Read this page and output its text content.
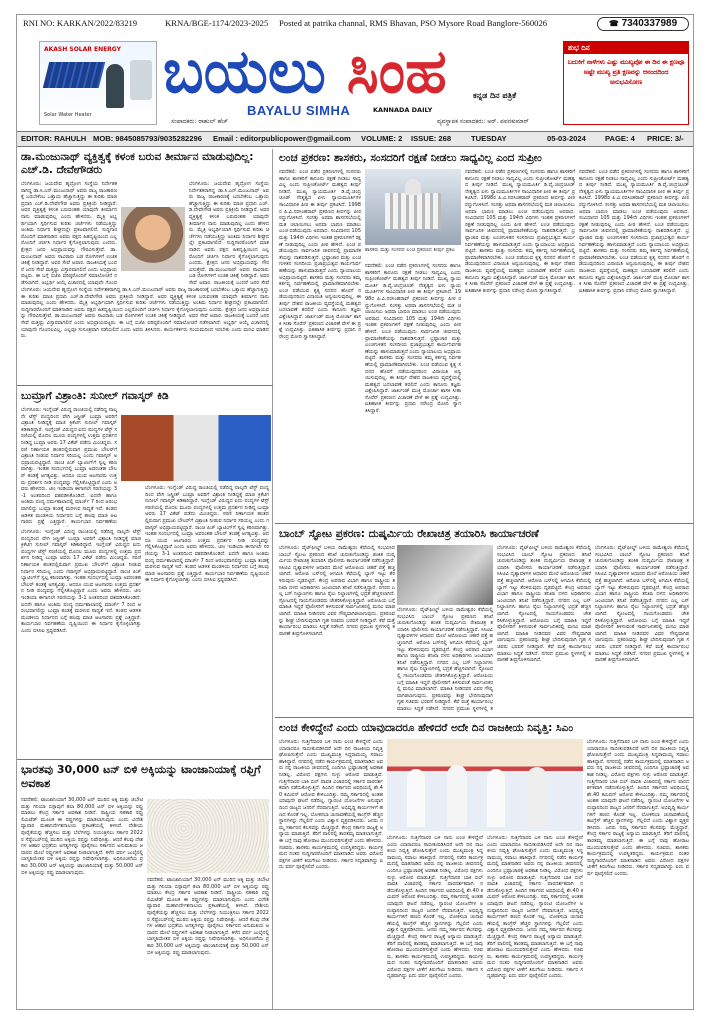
RNI NO: KARKAN/2022/83219	KRNA/BGE-1174/2023-2025 Posted at patrika channal, RMS Bhavan, PSO Mysore Road Banglore-560026	☎ 7340337989
AKASH SOLAR ENERGY
Solar Water Heater
ಬಯಲು ಸಿಂಹ	ಕನ್ನಡ ದಿನ ಪತ್ರಿಕೆ
BAYALU SIMHA	KANNADA DAILY
ಸಂಪಾದಕರು: ರಾಹುಲ್ ಹೆಚ್	ವ್ಯವಸ್ಥಾಪಕ ಸಂಪಾದಕರು: ಅರ್. ಪವನಕುಮಾರ್
ಶುಭ ದಿನ
ಬದುಕಿಗೆ ನಾಳೆಗಳು ಎಷ್ಟು ಮುಖ್ಯವೋ ಈ ದಿನ ಈ ಕ್ಷಣವೂ ಅಷ್ಟೇ ಮುಖ್ಯ ಪ್ರತಿ ಕ್ಷಣವನ್ನು ಆನಂದದಿಂದ ಅನುಭವಿಸೋಣ
EDITOR: RAHULH MOB: 9845085793/9035282296 Email : editorpublicpower@gmail.com VOLUME: 2 ISSUE: 268	TUESDAY	05-03-2024	PAGE: 4 PRICE: 3/-
ಡಾ.ಮಂಜುನಾಥ್ ವ್ಯಕ್ತಿತ್ವಕ್ಕೆ ಕಳಂಕ ಬರುವ ತೀರ್ಮಾನ ಮಾಡುವುದಿಲ್ಲ: ಎಚ್.ಡಿ. ದೇವೇಗೌಡರು
ಬೆಂಗಳೂರು: ಜಯದೇವ ಹೃದ್ರೋಗ ಸಂಸ್ಥೆಯ ನಿರ್ದೇಶಕರಾಗಿದ್ದ ಡಾ.ಸಿ.ಎನ್.ಮಂಜುನಾಥ್ ಅವರು ರಾಜ್ಯ ರಾಜಕಾರಣಕ್ಕೆ ಬರಬೇಕೆಂಬ ಒತ್ತಾಯ ಹೆಚ್ಚಾಗುತ್ತಿದ್ದು ಈ ಕುರಿತು ಮಾಜಿ ಪ್ರಧಾನಿ ಎಚ್.ಡಿ.ದೇವೇಗೌಡ ಅವರು ಪ್ರತಿಕ್ರಿಯೆ ನೀಡಿದ್ದಾರೆ. ಅವರ ವ್ಯಕ್ತಿತ್ವಕ್ಕೆ ಕಳಂಕ ಬರುವಂತಹ ಯಾವುದೇ ತೀರ್ಮಾನ ನಾನು ಮಾಡುವುದಿಲ್ಲ ಎಂದು ಹೇಳಿದರು. ಮೈತ್ರಿ ಅಭ್ಯರ್ಥಿಯಾಗಿ ಸ್ಪರ್ಧಿಸುವ ಕುರಿತು ಚರ್ಚೆಗಳು ನಡೆಯುತ್ತಿದ್ದು ಅಂತಿಮ ನಿರ್ಧಾರ ಶೀಘ್ರದಲ್ಲೇ ಪ್ರಕಟವಾಗಲಿದೆ. ಸುದ್ದಿಗಾರರೊಂದಿಗೆ ಮಾತನಾಡಿದ ಅವರು ಪಕ್ಷದ ಹಿತದೃಷ್ಟಿಯಿಂದ ಎಲ್ಲರೊಂದಿಗೆ ಚರ್ಚಿಸಿ ನಿರ್ಧಾರ ಕೈಗೊಳ್ಳಲಾಗುವುದು ಎಂದರು. ಕ್ಷೇತ್ರದ ಜನರ ಅಭಿಪ್ರಾಯವನ್ನು ಗೌರವಿಸುತ್ತೇವೆ. ಡಾ.ಮಂಜುನಾಥ್ ಅವರು ಸಾವಿರಾರು ಬಡ ರೋಗಿಗಳಿಗೆ ಉಚಿತ ಚಿಕಿತ್ಸೆ ನೀಡಿದ್ದಾರೆ. ಅವರ ಸೇವೆ ಅಪಾರ. ರಾಜಕೀಯಕ್ಕೆ ಬಂದರೆ ಜನರ ಸೇವೆ ಮತ್ತಷ್ಟು ವಿಸ್ತಾರವಾಗಲಿದೆ ಎಂದು ಅಭಿಪ್ರಾಯಪಟ್ಟರು. ಈ ಬಗ್ಗೆ ಬಿಜೆಪಿ ವರಿಷ್ಠರೊಂದಿಗೆ ಸಮಾಲೋಚನೆ ನಡೆಸಲಾಗಿದೆ. ಅಭ್ಯರ್ಥಿ ಆಯ್ಕೆ ವಿಚಾರದಲ್ಲಿ ಯಾವುದೇ ಗೊಂದ
ಬೆಂಗಳೂರು: ಜಯದೇವ ಹೃದ್ರೋಗ ಸಂಸ್ಥೆಯ ನಿರ್ದೇಶಕರಾಗಿದ್ದ ಡಾ.ಸಿ.ಎನ್.ಮಂಜುನಾಥ್ ಅವರು ರಾಜ್ಯ ರಾಜಕಾರಣಕ್ಕೆ ಬರಬೇಕೆಂಬ ಒತ್ತಾಯ ಹೆಚ್ಚಾಗುತ್ತಿದ್ದು ಈ ಕುರಿತು ಮಾಜಿ ಪ್ರಧಾನಿ ಎಚ್.ಡಿ.ದೇವೇಗೌಡ ಅವರು ಪ್ರತಿಕ್ರಿಯೆ ನೀಡಿದ್ದಾರೆ. ಅವರ ವ್ಯಕ್ತಿತ್ವಕ್ಕೆ ಕಳಂಕ ಬರುವಂತಹ ಯಾವುದೇ ತೀರ್ಮಾನ ನಾನು ಮಾಡುವುದಿಲ್ಲ ಎಂದು ಹೇಳಿದರು. ಮೈತ್ರಿ ಅಭ್ಯರ್ಥಿಯಾಗಿ ಸ್ಪರ್ಧಿಸುವ ಕುರಿತು ಚರ್ಚೆಗಳು ನಡೆಯುತ್ತಿದ್ದು ಅಂತಿಮ ನಿರ್ಧಾರ ಶೀಘ್ರದಲ್ಲೇ ಪ್ರಕಟವಾಗಲಿದೆ. ಸುದ್ದಿಗಾರರೊಂದಿಗೆ ಮಾತನಾಡಿದ ಅವರು ಪಕ್ಷದ ಹಿತದೃಷ್ಟಿಯಿಂದ ಎಲ್ಲರೊಂದಿಗೆ ಚರ್ಚಿಸಿ ನಿರ್ಧಾರ ಕೈಗೊಳ್ಳಲಾಗುವುದು ಎಂದರು. ಕ್ಷೇತ್ರದ ಜನರ ಅಭಿಪ್ರಾಯವನ್ನು ಗೌರವಿಸುತ್ತೇವೆ. ಡಾ.ಮಂಜುನಾಥ್ ಅವರು ಸಾವಿರಾರು ಬಡ ರೋಗಿಗಳಿಗೆ ಉಚಿತ ಚಿಕಿತ್ಸೆ ನೀಡಿದ್ದಾರೆ. ಅವರ ಸೇವೆ ಅಪಾರ. ರಾಜಕೀಯಕ್ಕೆ ಬಂದರೆ ಜನರ ಸೇವೆ
ಬೆಂಗಳೂರು: ಜಯದೇವ ಹೃದ್ರೋಗ ಸಂಸ್ಥೆಯ ನಿರ್ದೇಶಕರಾಗಿದ್ದ ಡಾ.ಸಿ.ಎನ್.ಮಂಜುನಾಥ್ ಅವರು ರಾಜ್ಯ ರಾಜಕಾರಣಕ್ಕೆ ಬರಬೇಕೆಂಬ ಒತ್ತಾಯ ಹೆಚ್ಚಾಗುತ್ತಿದ್ದು ಈ ಕುರಿತು ಮಾಜಿ ಪ್ರಧಾನಿ ಎಚ್.ಡಿ.ದೇವೇಗೌಡ ಅವರು ಪ್ರತಿಕ್ರಿಯೆ ನೀಡಿದ್ದಾರೆ. ಅವರ ವ್ಯಕ್ತಿತ್ವಕ್ಕೆ ಕಳಂಕ ಬರುವಂತಹ ಯಾವುದೇ ತೀರ್ಮಾನ ನಾನು ಮಾಡುವುದಿಲ್ಲ ಎಂದು ಹೇಳಿದರು. ಮೈತ್ರಿ ಅಭ್ಯರ್ಥಿಯಾಗಿ ಸ್ಪರ್ಧಿಸುವ ಕುರಿತು ಚರ್ಚೆಗಳು ನಡೆಯುತ್ತಿದ್ದು ಅಂತಿಮ ನಿರ್ಧಾರ ಶೀಘ್ರದಲ್ಲೇ ಪ್ರಕಟವಾಗಲಿದೆ. ಸುದ್ದಿಗಾರರೊಂದಿಗೆ ಮಾತನಾಡಿದ ಅವರು ಪಕ್ಷದ ಹಿತದೃಷ್ಟಿಯಿಂದ ಎಲ್ಲರೊಂದಿಗೆ ಚರ್ಚಿಸಿ ನಿರ್ಧಾರ ಕೈಗೊಳ್ಳಲಾಗುವುದು ಎಂದರು. ಕ್ಷೇತ್ರದ ಜನರ ಅಭಿಪ್ರಾಯವನ್ನು ಗೌರವಿಸುತ್ತೇವೆ. ಡಾ.ಮಂಜುನಾಥ್ ಅವರು ಸಾವಿರಾರು ಬಡ ರೋಗಿಗಳಿಗೆ ಉಚಿತ ಚಿಕಿತ್ಸೆ ನೀಡಿದ್ದಾರೆ. ಅವರ ಸೇವೆ ಅಪಾರ. ರಾಜಕೀಯಕ್ಕೆ ಬಂದರೆ ಜನರ ಸೇವೆ ಮತ್ತಷ್ಟು ವಿಸ್ತಾರವಾಗಲಿದೆ ಎಂದು ಅಭಿಪ್ರಾಯಪಟ್ಟರು. ಈ ಬಗ್ಗೆ ಬಿಜೆಪಿ ವರಿಷ್ಠರೊಂದಿಗೆ ಸಮಾಲೋಚನೆ ನಡೆಸಲಾಗಿದೆ. ಅಭ್ಯರ್ಥಿ ಆಯ್ಕೆ ವಿಚಾರದಲ್ಲಿ ಯಾವುದೇ ಗೊಂದಲವಿಲ್ಲ. ಎಲ್ಲವೂ ಸುಸೂತ್ರವಾಗಿ ನಡೆಯಲಿದೆ ಎಂದು ಅವರು ತಿಳಿಸಿದರು. ಕಾರ್ಯಕರ್ತರು ಸಂಯಮದಿಂದ ಇರಬೇಕು ಎಂದು ಮನವಿ ಮಾಡಿದರು.
ಬುಮ್ರಾಗೆ ವಿಶ್ರಾಂತಿ: ಸುನೀಲ್ ಗವಾಸ್ಕರ್ ಕಿಡಿ
ಬೆಂಗಳೂರು: ಇಂಗ್ಲೆಂಡ್ ವಿರುದ್ಧ ರಾಂಚಿಯಲ್ಲಿ ನಡೆದಿದ್ದ ನಾಲ್ಕನೇ ಟೆಸ್ಟ್ ಪಂದ್ಯದಿಂದ ವೇಗಿ ಜಸ್ಪ್ರೀತ್ ಬುಮ್ರಾ ಅವರಿಗೆ ವಿಶ್ರಾಂತಿ ನೀಡಿದ್ದಕ್ಕೆ ಮಾಜಿ ಕ್ರಿಕೆಟಿಗ ಸುನೀಲ್ ಗವಾಸ್ಕರ್ ಕಿಡಿಕಾರಿದ್ದಾರೆ. ಇಂಗ್ಲೆಂಡ್ ವಿರುದ್ಧದ ಐದು ಪಂದ್ಯಗಳ ಟೆಸ್ಟ್ ಸರಣಿಯಲ್ಲಿ ಮೊದಲ ಮೂರು ಪಂದ್ಯಗಳಲ್ಲಿ ಉತ್ತಮ ಪ್ರದರ್ಶನ ನೀಡಿದ್ದ ಬುಮ್ರಾ ಅವರು 17 ವಿಕೆಟ್ ಪಡೆದು ಮಿಂಚಿದ್ದರು. ಸರಣಿ ನಿರ್ಣಾಯಕ ಹಂತದಲ್ಲಿರುವಾಗ ಪ್ರಮುಖ ಬೌಲರ್‌ಗೆ ವಿಶ್ರಾಂತಿ ನೀಡುವ ನಿರ್ಧಾರ ಸರಿಯಲ್ಲ ಎಂದು ಗವಾಸ್ಕರ್ ಅಭಿಪ್ರಾಯಪಟ್ಟಿದ್ದಾರೆ. ರಾಂಚಿ ಪಿಚ್ ಬ್ಯಾಟಿಂಗ್‌ಗೆ ಸ್ವಲ್ಪ ಕಠಿಣವಾಗಿತ್ತು. ಇಂತಹ ಸಂದರ್ಭದಲ್ಲಿ ಬುಮ್ರಾ ಅವರಂತಹ ಬೌಲರ್ ತಂಡಕ್ಕೆ ಅಗತ್ಯವಿತ್ತು. ಆದರೂ ಯುವ ಆಟಗಾರರು ಉತ್ತಮ ಪ್ರದರ್ಶನ ನೀಡಿ ಪಂದ್ಯವನ್ನು ಗೆಲ್ಲಿಸಿಕೊಟ್ಟಿದ್ದಾರೆ ಎಂದು ಅವರು ಹೇಳಿದರು. ಟೀಂ ಇಂಡಿಯಾ ಈಗಾಗಲೇ ಸರಣಿಯನ್ನು 3-1 ಅಂತರದಿಂದ ವಶಪಡಿಸಿಕೊಂಡಿದೆ. ಐದನೇ ಹಾಗೂ ಅಂತಿಮ ಪಂದ್ಯ ಧರ್ಮಶಾಲಾದಲ್ಲಿ ಮಾರ್ಚ್ 7 ರಿಂದ ಆರಂಭವಾಗಲಿದ್ದು ಬುಮ್ರಾ ತಂಡಕ್ಕೆ ಮರಳುವ ಸಾಧ್ಯತೆ ಇದೆ. ತಂಡದ ಆಡಳಿತ ಮಂಡಳಿಯ ನಿರ್ಧಾರದ ಬಗ್ಗೆ ಹಲವು ಮಾಜಿ ಆಟಗಾರರು ಪ್ರಶ್ನೆ ಎತ್ತಿದ್ದಾರೆ. ಕಾರ್ಯಭಾರ ನಿರ್ವಹಣೆಯ
ಬೆಂಗಳೂರು: ಇಂಗ್ಲೆಂಡ್ ವಿರುದ್ಧ ರಾಂಚಿಯಲ್ಲಿ ನಡೆದಿದ್ದ ನಾಲ್ಕನೇ ಟೆಸ್ಟ್ ಪಂದ್ಯದಿಂದ ವೇಗಿ ಜಸ್ಪ್ರೀತ್ ಬುಮ್ರಾ ಅವರಿಗೆ ವಿಶ್ರಾಂತಿ ನೀಡಿದ್ದಕ್ಕೆ ಮಾಜಿ ಕ್ರಿಕೆಟಿಗ ಸುನೀಲ್ ಗವಾಸ್ಕರ್ ಕಿಡಿಕಾರಿದ್ದಾರೆ. ಇಂಗ್ಲೆಂಡ್ ವಿರುದ್ಧದ ಐದು ಪಂದ್ಯಗಳ ಟೆಸ್ಟ್ ಸರಣಿಯಲ್ಲಿ ಮೊದಲ ಮೂರು ಪಂದ್ಯಗಳಲ್ಲಿ ಉತ್ತಮ ಪ್ರದರ್ಶನ ನೀಡಿದ್ದ ಬುಮ್ರಾ ಅವರು 17 ವಿಕೆಟ್ ಪಡೆದು ಮಿಂಚಿದ್ದರು. ಸರಣಿ ನಿರ್ಣಾಯಕ ಹಂತದಲ್ಲಿರುವಾಗ ಪ್ರಮುಖ ಬೌಲರ್‌ಗೆ ವಿಶ್ರಾಂತಿ ನೀಡುವ ನಿರ್ಧಾರ ಸರಿಯಲ್ಲ ಎಂದು ಗವಾಸ್ಕರ್ ಅಭಿಪ್ರಾಯಪಟ್ಟಿದ್ದಾರೆ. ರಾಂಚಿ ಪಿಚ್ ಬ್ಯಾಟಿಂಗ್‌ಗೆ ಸ್ವಲ್ಪ ಕಠಿಣವಾಗಿತ್ತು. ಇಂತಹ ಸಂದರ್ಭದಲ್ಲಿ ಬುಮ್ರಾ ಅವರಂತಹ ಬೌಲರ್ ತಂಡಕ್ಕೆ ಅಗತ್ಯವಿತ್ತು. ಆದರೂ ಯುವ ಆಟಗಾರರು ಉತ್ತಮ ಪ್ರದರ್ಶನ ನೀಡಿ ಪಂದ್ಯವನ್ನು ಗೆಲ್ಲಿಸಿಕೊಟ್ಟಿದ್ದಾರೆ ಎಂದು ಅವರು ಹೇಳಿದರು. ಟೀಂ ಇಂಡಿಯಾ ಈಗಾಗಲೇ ಸರಣಿಯನ್ನು 3-1 ಅಂತರದಿಂದ ವಶಪಡಿಸಿಕೊಂಡಿದೆ. ಐದನೇ ಹಾಗೂ ಅಂತಿಮ ಪಂದ್ಯ ಧರ್ಮಶಾಲಾದಲ್ಲಿ ಮಾರ್ಚ್ 7 ರಿಂದ ಆರಂಭವಾಗಲಿದ್ದು ಬುಮ್ರಾ ತಂಡಕ್ಕೆ ಮರಳುವ ಸಾಧ್ಯತೆ ಇದೆ. ತಂಡದ ಆಡಳಿತ ಮಂಡಳಿಯ ನಿರ್ಧಾರದ ಬಗ್ಗೆ ಹಲವು ಮಾಜಿ ಆಟಗಾರರು ಪ್ರಶ್ನೆ ಎತ್ತಿದ್ದಾರೆ. ಕಾರ್ಯಭಾರ ನಿರ್ವಹಣೆಯ ದೃಷ್ಟಿಯಿಂದ ಈ ನಿರ್ಧಾರ ಕೈಗೊಳ್ಳಲಾಗಿತ್ತು ಎಂದು ಬಿಸಿಸಿಐ ಸ್ಪಷ್ಟಪಡಿಸಿದೆ.
ಬೆಂಗಳೂರು: ಇಂಗ್ಲೆಂಡ್ ವಿರುದ್ಧ ರಾಂಚಿಯಲ್ಲಿ ನಡೆದಿದ್ದ ನಾಲ್ಕನೇ ಟೆಸ್ಟ್ ಪಂದ್ಯದಿಂದ ವೇಗಿ ಜಸ್ಪ್ರೀತ್ ಬುಮ್ರಾ ಅವರಿಗೆ ವಿಶ್ರಾಂತಿ ನೀಡಿದ್ದಕ್ಕೆ ಮಾಜಿ ಕ್ರಿಕೆಟಿಗ ಸುನೀಲ್ ಗವಾಸ್ಕರ್ ಕಿಡಿಕಾರಿದ್ದಾರೆ. ಇಂಗ್ಲೆಂಡ್ ವಿರುದ್ಧದ ಐದು ಪಂದ್ಯಗಳ ಟೆಸ್ಟ್ ಸರಣಿಯಲ್ಲಿ ಮೊದಲ ಮೂರು ಪಂದ್ಯಗಳಲ್ಲಿ ಉತ್ತಮ ಪ್ರದರ್ಶನ ನೀಡಿದ್ದ ಬುಮ್ರಾ ಅವರು 17 ವಿಕೆಟ್ ಪಡೆದು ಮಿಂಚಿದ್ದರು. ಸರಣಿ ನಿರ್ಣಾಯಕ ಹಂತದಲ್ಲಿರುವಾಗ ಪ್ರಮುಖ ಬೌಲರ್‌ಗೆ ವಿಶ್ರಾಂತಿ ನೀಡುವ ನಿರ್ಧಾರ ಸರಿಯಲ್ಲ ಎಂದು ಗವಾಸ್ಕರ್ ಅಭಿಪ್ರಾಯಪಟ್ಟಿದ್ದಾರೆ. ರಾಂಚಿ ಪಿಚ್ ಬ್ಯಾಟಿಂಗ್‌ಗೆ ಸ್ವಲ್ಪ ಕಠಿಣವಾಗಿತ್ತು. ಇಂತಹ ಸಂದರ್ಭದಲ್ಲಿ ಬುಮ್ರಾ ಅವರಂತಹ ಬೌಲರ್ ತಂಡಕ್ಕೆ ಅಗತ್ಯವಿತ್ತು. ಆದರೂ ಯುವ ಆಟಗಾರರು ಉತ್ತಮ ಪ್ರದರ್ಶನ ನೀಡಿ ಪಂದ್ಯವನ್ನು ಗೆಲ್ಲಿಸಿಕೊಟ್ಟಿದ್ದಾರೆ ಎಂದು ಅವರು ಹೇಳಿದರು. ಟೀಂ ಇಂಡಿಯಾ ಈಗಾಗಲೇ ಸರಣಿಯನ್ನು 3-1 ಅಂತರದಿಂದ ವಶಪಡಿಸಿಕೊಂಡಿದೆ. ಐದನೇ ಹಾಗೂ ಅಂತಿಮ ಪಂದ್ಯ ಧರ್ಮಶಾಲಾದಲ್ಲಿ ಮಾರ್ಚ್ 7 ರಿಂದ ಆರಂಭವಾಗಲಿದ್ದು ಬುಮ್ರಾ ತಂಡಕ್ಕೆ ಮರಳುವ ಸಾಧ್ಯತೆ ಇದೆ. ತಂಡದ ಆಡಳಿತ ಮಂಡಳಿಯ ನಿರ್ಧಾರದ ಬಗ್ಗೆ ಹಲವು ಮಾಜಿ ಆಟಗಾರರು ಪ್ರಶ್ನೆ ಎತ್ತಿದ್ದಾರೆ. ಕಾರ್ಯಭಾರ ನಿರ್ವಹಣೆಯ ದೃಷ್ಟಿಯಿಂದ ಈ ನಿರ್ಧಾರ ಕೈಗೊಳ್ಳಲಾಗಿತ್ತು ಎಂದು ಬಿಸಿಸಿಐ ಸ್ಪಷ್ಟಪಡಿಸಿದೆ.
ಭಾರತವು 30,000 ಟನ್ ಬಿಳಿ ಅಕ್ಕಿಯನ್ನು ಟಾಂಜಾನಿಯಾಕ್ಕೆ ರಫ್ತಿಗೆ ಅವಕಾಶ
ನವದೆಹಲಿ: ಟಾಂಜಾನಿಯಾಗೆ 30,000 ಟನ್ ಮುರಿದ ಅಕ್ಕಿ ಮತ್ತು ಜಿಬೌಟಿ ಮತ್ತು ಗಿನಿಯಾ ಬಿಸ್ಸಾವುಗೆ ತಲಾ 80,000 ಟನ್ ಬಿಳಿ ಅಕ್ಕಿಯನ್ನು ರಫ್ತು ಮಾಡಲು ಕೇಂದ್ರ ಸರ್ಕಾರ ಅವಕಾಶ ನೀಡಿದೆ. ರಾಷ್ಟ್ರೀಯ ಸಹಕಾರಿ ರಫ್ತು ಲಿಮಿಟೆಡ್ ಮೂಲಕ ಈ ರಫ್ತುಗಳನ್ನು ಮಾಡಲಾಗುವುದು ಎಂದು ವಿದೇಶಿ ವ್ಯಾಪಾರ ಮಹಾನಿರ್ದೇಶನಾಲಯ ಪ್ರಕಟಣೆಯಲ್ಲಿ ತಿಳಿಸಿದೆ. ದೇಶೀಯ ಪೂರೈಕೆಯನ್ನು ಹೆಚ್ಚಿಸಲು ಮತ್ತು ಬೆಲೆಗಳನ್ನು ನಿಯಂತ್ರಿಸಲು ಸರ್ಕಾರ 2022 ರ ಸೆಪ್ಟೆಂಬರ್‌ನಲ್ಲಿ ಮುರಿದ ಅಕ್ಕಿಯ ರಫ್ತನ್ನು ನಿಷೇಧಿಸಿತ್ತು. ಆದರೆ ಕೆಲವು ದೇಶಗಳ ಆಹಾರ ಭದ್ರತೆಯ ಅಗತ್ಯಗಳನ್ನು ಪೂರೈಸಲು ಸರ್ಕಾರದ ಅನುಮತಿಯ ಆಧಾರದ ಮೇಲೆ ರಫ್ತುಗಳಿಗೆ ಅವಕಾಶ ನೀಡಲಾಗುತ್ತಿದೆ. ಕಳೆದ ವರ್ಷ ಜುಲೈನಲ್ಲಿ ಬಾಸ್ಮತಿಯೇತರ ಬಿಳಿ ಅಕ್ಕಿಯ ರಫ್ತನ್ನು ನಿಷೇಧಿಸಲಾಗಿತ್ತು. ಅಧಿಸೂಚನೆಯ ಪ್ರಕಾರ 30,000 ಟನ್ ಅಕ್ಕಿಯನ್ನು ಟಾಂಜಾನಿಯಾಕ್ಕೆ ಮತ್ತು 50,000 ಟನ್ ಬಿಳಿ ಅಕ್ಕಿಯನ್ನು ರಫ್ತು ಮಾಡಲಾಗುವುದು.
ನವದೆಹಲಿ: ಟಾಂಜಾನಿಯಾಗೆ 30,000 ಟನ್ ಮುರಿದ ಅಕ್ಕಿ ಮತ್ತು ಜಿಬೌಟಿ ಮತ್ತು ಗಿನಿಯಾ ಬಿಸ್ಸಾವುಗೆ ತಲಾ 80,000 ಟನ್ ಬಿಳಿ ಅಕ್ಕಿಯನ್ನು ರಫ್ತು ಮಾಡಲು ಕೇಂದ್ರ ಸರ್ಕಾರ ಅವಕಾಶ ನೀಡಿದೆ. ರಾಷ್ಟ್ರೀಯ ಸಹಕಾರಿ ರಫ್ತು ಲಿಮಿಟೆಡ್ ಮೂಲಕ ಈ ರಫ್ತುಗಳನ್ನು ಮಾಡಲಾಗುವುದು ಎಂದು ವಿದೇಶಿ ವ್ಯಾಪಾರ ಮಹಾನಿರ್ದೇಶನಾಲಯ ಪ್ರಕಟಣೆಯಲ್ಲಿ ತಿಳಿಸಿದೆ. ದೇಶೀಯ ಪೂರೈಕೆಯನ್ನು ಹೆಚ್ಚಿಸಲು ಮತ್ತು ಬೆಲೆಗಳನ್ನು ನಿಯಂತ್ರಿಸಲು ಸರ್ಕಾರ 2022 ರ ಸೆಪ್ಟೆಂಬರ್‌ನಲ್ಲಿ ಮುರಿದ ಅಕ್ಕಿಯ ರಫ್ತನ್ನು ನಿಷೇಧಿಸಿತ್ತು. ಆದರೆ ಕೆಲವು ದೇಶಗಳ ಆಹಾರ ಭದ್ರತೆಯ ಅಗತ್ಯಗಳನ್ನು ಪೂರೈಸಲು ಸರ್ಕಾರದ ಅನುಮತಿಯ ಆಧಾರದ ಮೇಲೆ ರಫ್ತುಗಳಿಗೆ ಅವಕಾಶ ನೀಡಲಾಗುತ್ತಿದೆ. ಕಳೆದ ವರ್ಷ ಜುಲೈನಲ್ಲಿ ಬಾಸ್ಮತಿಯೇತರ ಬಿಳಿ ಅಕ್ಕಿಯ ರಫ್ತನ್ನು ನಿಷೇಧಿಸಲಾಗಿತ್ತು. ಅಧಿಸೂಚನೆಯ ಪ್ರಕಾರ 30,000 ಟನ್ ಅಕ್ಕಿಯನ್ನು ಟಾಂಜಾನಿಯಾಕ್ಕೆ ಮತ್ತು 50,000 ಟನ್ ಬಿಳಿ ಅಕ್ಕಿಯನ್ನು ರಫ್ತು ಮಾಡಲಾಗುವುದು.
ಲಂಚ ಪ್ರಕರಣ: ಶಾಸಕರು, ಸಂಸದರಿಗೆ ರಕ್ಷಣೆ ನೀಡಲು ಸಾಧ್ಯವಿಲ್ಲ ಎಂದ ಸುಪ್ರೀಂ
ನವದೆಹಲಿ: ಲಂಚ ಪಡೆದ ಪ್ರಕರಣಗಳಲ್ಲಿ ಸಂಸದರು ಹಾಗೂ ಶಾಸಕರಿಗೆ ಕಾನೂನು ರಕ್ಷಣೆ ನೀಡಲು ಸಾಧ್ಯವಿಲ್ಲ ಎಂದು ಸುಪ್ರೀಂಕೋರ್ಟ್ ಮಹತ್ವದ ತೀರ್ಪು ನೀಡಿದೆ. ಮುಖ್ಯ ನ್ಯಾಯಮೂರ್ತಿ ಡಿ.ವೈ.ಚಂದ್ರಚೂಡ್ ನೇತೃತ್ವದ ಏಳು ನ್ಯಾಯಮೂರ್ತಿಗಳ ಸಾಂವಿಧಾನಿಕ ಪೀಠ ಈ ತೀರ್ಪು ಪ್ರಕಟಿಸಿದೆ. 1998ರ ಪಿ.ವಿ.ನರಸಿಂಹರಾವ್ ಪ್ರಕರಣದ ತೀರ್ಪನ್ನು ಪೀಠ ರದ್ದುಗೊಳಿಸಿದೆ. ಸಂಸತ್ತು ಅಥವಾ ಶಾಸನಸಭೆಯಲ್ಲಿ ಮತ ಚಲಾಯಿಸಲು ಅಥವಾ ಭಾಷಣ ಮಾಡಲು ಲಂಚ ಪಡೆಯುವುದು ಅಪರಾಧ. ಸಂವಿಧಾನದ 105 ಮತ್ತು 194ನೇ ವಿಧಿಗಳು ಇಂತಹ ಪ್ರಕರಣಗಳಿಗೆ ರಕ್ಷಣೆ ನೀಡುವುದಿಲ್ಲ ಎಂದು ಪೀಠ ಹೇಳಿದೆ. ಲಂಚ ಪಡೆಯುವುದು ಸಾರ್ವಜನಿಕ ಜೀವನದಲ್ಲಿ ಪ್ರಾಮಾಣಿಕತೆಯನ್ನು ನಾಶಪಡಿಸುತ್ತದೆ. ಭ್ರಷ್ಟಾಚಾರ ಮತ್ತು ಲಂಚಗುಳಿತನ ಸಂಸದೀಯ ಪ್ರಜಾಪ್ರಭುತ್ವದ ಕಾರ್ಯನಿರ್ವಹಣೆಯನ್ನು ಹಾಳುಮಾಡುತ್ತದೆ ಎಂದು ನ್ಯಾಯಾಲಯ ಅಭಿಪ್ರಾಯಪಟ್ಟಿದೆ. ಶಾಸಕರು ಮತ್ತು ಸಂಸದರು ತಮ್ಮ ಕರ್ತವ್ಯ ನಿರ್ವಹಣೆಯಲ್ಲಿ ಪ್ರಾಮಾಣಿಕವಾಗಿರಬೇಕು. ಲಂಚ ಪಡೆಯುವ ಕೃತ್ಯ ಸದನದ ಹೊರಗೆ ನಡೆಯುವುದರಿಂದ ವಿನಾಯಿತಿ ಅನ್ವಯಿಸುವುದಿಲ್ಲ. ಈ ತೀರ್ಪು ದೇಶದ ರಾಜಕೀಯ ವ್ಯವಸ್ಥೆಯಲ್ಲಿ ಮಹತ್ವದ ಬದಲಾವಣೆ ತರಲಿದೆ ಎಂದು ಕಾನೂನು ತಜ್ಞರು ವಿಶ್ಲೇಷಿಸಿದ್ದಾರೆ. ಜಾರ್ಖಂಡ್ ಮುಕ್ತಿ ಮೋರ್ಚಾ ಶಾಸಕಿ ಸೀತಾ ಸೊರೆನ್ ಪ್ರಕರಣದ ವಿಚಾರಣೆ ವೇಳೆ ಈ ಪ್ರಶ್ನೆ ಉದ್ಭವಿಸಿತ್ತು. ಐತಿಹಾಸಿಕ ತೀರ್ಪನ್ನು ಪ್ರಧಾನಿ ನರೇಂದ್ರ ಮೋದಿ ಸ್ವಾಗತಿಸಿದ್ದಾರೆ.
ಶಾಸಕರು ಮತ್ತು ಸಂಸದರ ಲಂಚ ಪ್ರಕರಣದ ತೀರ್ಪು ಪ್ರಕಟ
ನವದೆಹಲಿ: ಲಂಚ ಪಡೆದ ಪ್ರಕರಣಗಳಲ್ಲಿ ಸಂಸದರು ಹಾಗೂ ಶಾಸಕರಿಗೆ ಕಾನೂನು ರಕ್ಷಣೆ ನೀಡಲು ಸಾಧ್ಯವಿಲ್ಲ ಎಂದು ಸುಪ್ರೀಂಕೋರ್ಟ್ ಮಹತ್ವದ ತೀರ್ಪು ನೀಡಿದೆ. ಮುಖ್ಯ ನ್ಯಾಯಮೂರ್ತಿ ಡಿ.ವೈ.ಚಂದ್ರಚೂಡ್ ನೇತೃತ್ವದ ಏಳು ನ್ಯಾಯಮೂರ್ತಿಗಳ ಸಾಂವಿಧಾನಿಕ ಪೀಠ ಈ ತೀರ್ಪು ಪ್ರಕಟಿಸಿದೆ. 1998ರ ಪಿ.ವಿ.ನರಸಿಂಹರಾವ್ ಪ್ರಕರಣದ ತೀರ್ಪನ್ನು ಪೀಠ ರದ್ದುಗೊಳಿಸಿದೆ. ಸಂಸತ್ತು ಅಥವಾ ಶಾಸನಸಭೆಯಲ್ಲಿ ಮತ ಚಲಾಯಿಸಲು ಅಥವಾ ಭಾಷಣ ಮಾಡಲು ಲಂಚ ಪಡೆಯುವುದು ಅಪರಾಧ. ಸಂವಿಧಾನದ 105 ಮತ್ತು 194ನೇ ವಿಧಿಗಳು ಇಂತಹ ಪ್ರಕರಣಗಳಿಗೆ ರಕ್ಷಣೆ ನೀಡುವುದಿಲ್ಲ ಎಂದು ಪೀಠ ಹೇಳಿದೆ. ಲಂಚ ಪಡೆಯುವುದು ಸಾರ್ವಜನಿಕ ಜೀವನದಲ್ಲಿ ಪ್ರಾಮಾಣಿಕತೆಯನ್ನು ನಾಶಪಡಿಸುತ್ತದೆ. ಭ್ರಷ್ಟಾಚಾರ ಮತ್ತು ಲಂಚಗುಳಿತನ ಸಂಸದೀಯ ಪ್ರಜಾಪ್ರಭುತ್ವದ ಕಾರ್ಯನಿರ್ವಹಣೆಯನ್ನು ಹಾಳುಮಾಡುತ್ತದೆ ಎಂದು ನ್ಯಾಯಾಲಯ ಅಭಿಪ್ರಾಯಪಟ್ಟಿದೆ. ಶಾಸಕರು ಮತ್ತು ಸಂಸದರು ತಮ್ಮ ಕರ್ತವ್ಯ ನಿರ್ವಹಣೆಯಲ್ಲಿ ಪ್ರಾಮಾಣಿಕವಾಗಿರಬೇಕು. ಲಂಚ ಪಡೆಯುವ ಕೃತ್ಯ ಸದನದ ಹೊರಗೆ ನಡೆಯುವುದರಿಂದ ವಿನಾಯಿತಿ ಅನ್ವಯಿಸುವುದಿಲ್ಲ. ಈ ತೀರ್ಪು ದೇಶದ ರಾಜಕೀಯ ವ್ಯವಸ್ಥೆಯಲ್ಲಿ ಮಹತ್ವದ ಬದಲಾವಣೆ ತರಲಿದೆ ಎಂದು ಕಾನೂನು ತಜ್ಞರು ವಿಶ್ಲೇಷಿಸಿದ್ದಾರೆ. ಜಾರ್ಖಂಡ್ ಮುಕ್ತಿ ಮೋರ್ಚಾ ಶಾಸಕಿ ಸೀತಾ ಸೊರೆನ್ ಪ್ರಕರಣದ ವಿಚಾರಣೆ ವೇಳೆ ಈ ಪ್ರಶ್ನೆ ಉದ್ಭವಿಸಿತ್ತು. ಐತಿಹಾಸಿಕ ತೀರ್ಪನ್ನು ಪ್ರಧಾನಿ ನರೇಂದ್ರ ಮೋದಿ ಸ್ವಾಗತಿಸಿದ್ದಾರೆ.
ನವದೆಹಲಿ: ಲಂಚ ಪಡೆದ ಪ್ರಕರಣಗಳಲ್ಲಿ ಸಂಸದರು ಹಾಗೂ ಶಾಸಕರಿಗೆ ಕಾನೂನು ರಕ್ಷಣೆ ನೀಡಲು ಸಾಧ್ಯವಿಲ್ಲ ಎಂದು ಸುಪ್ರೀಂಕೋರ್ಟ್ ಮಹತ್ವದ ತೀರ್ಪು ನೀಡಿದೆ. ಮುಖ್ಯ ನ್ಯಾಯಮೂರ್ತಿ ಡಿ.ವೈ.ಚಂದ್ರಚೂಡ್ ನೇತೃತ್ವದ ಏಳು ನ್ಯಾಯಮೂರ್ತಿಗಳ ಸಾಂವಿಧಾನಿಕ ಪೀಠ ಈ ತೀರ್ಪು ಪ್ರಕಟಿಸಿದೆ. 1998ರ ಪಿ.ವಿ.ನರಸಿಂಹರಾವ್ ಪ್ರಕರಣದ ತೀರ್ಪನ್ನು ಪೀಠ ರದ್ದುಗೊಳಿಸಿದೆ. ಸಂಸತ್ತು ಅಥವಾ ಶಾಸನಸಭೆಯಲ್ಲಿ ಮತ ಚಲಾಯಿಸಲು ಅಥವಾ ಭಾಷಣ ಮಾಡಲು ಲಂಚ ಪಡೆಯುವುದು ಅಪರಾಧ. ಸಂವಿಧಾನದ 105 ಮತ್ತು 194ನೇ ವಿಧಿಗಳು ಇಂತಹ ಪ್ರಕರಣಗಳಿಗೆ ರಕ್ಷಣೆ ನೀಡುವುದಿಲ್ಲ ಎಂದು ಪೀಠ ಹೇಳಿದೆ. ಲಂಚ ಪಡೆಯುವುದು ಸಾರ್ವಜನಿಕ ಜೀವನದಲ್ಲಿ ಪ್ರಾಮಾಣಿಕತೆಯನ್ನು ನಾಶಪಡಿಸುತ್ತದೆ. ಭ್ರಷ್ಟಾಚಾರ ಮತ್ತು ಲಂಚಗುಳಿತನ ಸಂಸದೀಯ ಪ್ರಜಾಪ್ರಭುತ್ವದ ಕಾರ್ಯನಿರ್ವಹಣೆಯನ್ನು ಹಾಳುಮಾಡುತ್ತದೆ ಎಂದು ನ್ಯಾಯಾಲಯ ಅಭಿಪ್ರಾಯಪಟ್ಟಿದೆ. ಶಾಸಕರು ಮತ್ತು ಸಂಸದರು ತಮ್ಮ ಕರ್ತವ್ಯ ನಿರ್ವಹಣೆಯಲ್ಲಿ ಪ್ರಾಮಾಣಿಕವಾಗಿರಬೇಕು. ಲಂಚ ಪಡೆಯುವ ಕೃತ್ಯ ಸದನದ ಹೊರಗೆ ನಡೆಯುವುದರಿಂದ ವಿನಾಯಿತಿ ಅನ್ವಯಿಸುವುದಿಲ್ಲ. ಈ ತೀರ್ಪು ದೇಶದ ರಾಜಕೀಯ ವ್ಯವಸ್ಥೆಯಲ್ಲಿ ಮಹತ್ವದ ಬದಲಾವಣೆ ತರಲಿದೆ ಎಂದು ಕಾನೂನು ತಜ್ಞರು ವಿಶ್ಲೇಷಿಸಿದ್ದಾರೆ. ಜಾರ್ಖಂಡ್ ಮುಕ್ತಿ ಮೋರ್ಚಾ ಶಾಸಕಿ ಸೀತಾ ಸೊರೆನ್ ಪ್ರಕರಣದ ವಿಚಾರಣೆ ವೇಳೆ ಈ ಪ್ರಶ್ನೆ ಉದ್ಭವಿಸಿತ್ತು. ಐತಿಹಾಸಿಕ ತೀರ್ಪನ್ನು ಪ್ರಧಾನಿ ನರೇಂದ್ರ ಮೋದಿ ಸ್ವಾಗತಿಸಿದ್ದಾರೆ.
ನವದೆಹಲಿ: ಲಂಚ ಪಡೆದ ಪ್ರಕರಣಗಳಲ್ಲಿ ಸಂಸದರು ಹಾಗೂ ಶಾಸಕರಿಗೆ ಕಾನೂನು ರಕ್ಷಣೆ ನೀಡಲು ಸಾಧ್ಯವಿಲ್ಲ ಎಂದು ಸುಪ್ರೀಂಕೋರ್ಟ್ ಮಹತ್ವದ ತೀರ್ಪು ನೀಡಿದೆ. ಮುಖ್ಯ ನ್ಯಾಯಮೂರ್ತಿ ಡಿ.ವೈ.ಚಂದ್ರಚೂಡ್ ನೇತೃತ್ವದ ಏಳು ನ್ಯಾಯಮೂರ್ತಿಗಳ ಸಾಂವಿಧಾನಿಕ ಪೀಠ ಈ ತೀರ್ಪು ಪ್ರಕಟಿಸಿದೆ. 1998ರ ಪಿ.ವಿ.ನರಸಿಂಹರಾವ್ ಪ್ರಕರಣದ ತೀರ್ಪನ್ನು ಪೀಠ ರದ್ದುಗೊಳಿಸಿದೆ. ಸಂಸತ್ತು ಅಥವಾ ಶಾಸನಸಭೆಯಲ್ಲಿ ಮತ ಚಲಾಯಿಸಲು ಅಥವಾ ಭಾಷಣ ಮಾಡಲು ಲಂಚ ಪಡೆಯುವುದು ಅಪರಾಧ. ಸಂವಿಧಾನದ 105 ಮತ್ತು 194ನೇ ವಿಧಿಗಳು ಇಂತಹ ಪ್ರಕರಣಗಳಿಗೆ ರಕ್ಷಣೆ ನೀಡುವುದಿಲ್ಲ ಎಂದು ಪೀಠ ಹೇಳಿದೆ. ಲಂಚ ಪಡೆಯುವುದು ಸಾರ್ವಜನಿಕ ಜೀವನದಲ್ಲಿ ಪ್ರಾಮಾಣಿಕತೆಯನ್ನು ನಾಶಪಡಿಸುತ್ತದೆ. ಭ್ರಷ್ಟಾಚಾರ ಮತ್ತು ಲಂಚಗುಳಿತನ ಸಂಸದೀಯ ಪ್ರಜಾಪ್ರಭುತ್ವದ ಕಾರ್ಯನಿರ್ವಹಣೆಯನ್ನು ಹಾಳುಮಾಡುತ್ತದೆ ಎಂದು ನ್ಯಾಯಾಲಯ ಅಭಿಪ್ರಾಯಪಟ್ಟಿದೆ. ಶಾಸಕರು ಮತ್ತು ಸಂಸದರು ತಮ್ಮ ಕರ್ತವ್ಯ ನಿರ್ವಹಣೆಯಲ್ಲಿ ಪ್ರಾಮಾಣಿಕವಾಗಿರಬೇಕು. ಲಂಚ ಪಡೆಯುವ ಕೃತ್ಯ ಸದನದ ಹೊರಗೆ ನಡೆಯುವುದರಿಂದ ವಿನಾಯಿತಿ ಅನ್ವಯಿಸುವುದಿಲ್ಲ. ಈ ತೀರ್ಪು ದೇಶದ ರಾಜಕೀಯ ವ್ಯವಸ್ಥೆಯಲ್ಲಿ ಮಹತ್ವದ ಬದಲಾವಣೆ ತರಲಿದೆ ಎಂದು ಕಾನೂನು ತಜ್ಞರು ವಿಶ್ಲೇಷಿಸಿದ್ದಾರೆ. ಜಾರ್ಖಂಡ್ ಮುಕ್ತಿ ಮೋರ್ಚಾ ಶಾಸಕಿ ಸೀತಾ ಸೊರೆನ್ ಪ್ರಕರಣದ ವಿಚಾರಣೆ ವೇಳೆ ಈ ಪ್ರಶ್ನೆ ಉದ್ಭವಿಸಿತ್ತು. ಐತಿಹಾಸಿಕ ತೀರ್ಪನ್ನು ಪ್ರಧಾನಿ ನರೇಂದ್ರ ಮೋದಿ ಸ್ವಾಗತಿಸಿದ್ದಾರೆ.
ಬಾಂಬ್ ಸ್ಫೋಟ ಪ್ರಕರಣ: ದುಷ್ಕರ್ಮಿಯ ರೇಖಾಚಿತ್ರ ತಯಾರಿಸಿ ಕಾರ್ಯಾಚರಣೆ
ಬೆಂಗಳೂರು: ವೈಟ್‌ಫೀಲ್ಡ್ ಬಳಿಯ ರಾಮೇಶ್ವರಂ ಕೆಫೆಯಲ್ಲಿ ಸಂಭವಿಸಿದ ಬಾಂಬ್ ಸ್ಫೋಟ ಪ್ರಕರಣದ ತನಿಖೆ ಚುರುಕುಗೊಂಡಿದ್ದು ಶಂಕಿತ ದುಷ್ಕರ್ಮಿಯ ರೇಖಾಚಿತ್ರ ತಯಾರಿಸಿ ಪೊಲೀಸರು ಕಾರ್ಯಾಚರಣೆ ನಡೆಸುತ್ತಿದ್ದಾರೆ. ಸಿಸಿಟಿವಿ ದೃಶ್ಯಾವಳಿಗಳ ಆಧಾರದ ಮೇಲೆ ಆರೋಪಿಯ ಚಹರೆ ಪತ್ತೆ ಹಚ್ಚಲಾಗಿದೆ. ಆರೋಪಿ ಬಸ್‌ನಲ್ಲಿ ಆಗಮಿಸಿ ಕೆಫೆಯಲ್ಲಿ ಬ್ಯಾಗ್ ಇಟ್ಟು ತೆರಳಿರುವುದು ದೃಢಪಟ್ಟಿದೆ. ಕೇಂದ್ರ ಅಪರಾಧ ವಿಭಾಗ ಹಾಗೂ ರಾಷ್ಟ್ರೀಯ ತನಿಖಾ ದಳದ ಅಧಿಕಾರಿಗಳು ಜಂಟಿಯಾಗಿ ತನಿಖೆ ನಡೆಸುತ್ತಿದ್ದಾರೆ. ನಗರದ ಎಲ್ಲ ಬಸ್ ನಿಲ್ದಾಣಗಳು ಹಾಗೂ ರೈಲು ನಿಲ್ದಾಣಗಳಲ್ಲಿ ಭದ್ರತೆ ಹೆಚ್ಚಿಸಲಾಗಿದೆ. ಸ್ಫೋಟದಲ್ಲಿ ಗಾಯಗೊಂಡವರು ಚೇತರಿಸಿಕೊಳ್ಳುತ್ತಿದ್ದಾರೆ. ಆರೋಪಿಯ ಬಗ್ಗೆ ಮಾಹಿತಿ ಇದ್ದರೆ ಪೊಲೀಸರಿಗೆ ತಿಳಿಸುವಂತೆ ಸಾರ್ವಜನಿಕರಲ್ಲಿ ಮನವಿ ಮಾಡಲಾಗಿದೆ. ಮಾಹಿತಿ ನೀಡಿದವರ ವಿವರ ಗೌಪ್ಯವಾಗಿಡಲಾಗುವುದು. ಪ್ರಕರಣವನ್ನು ಶೀಘ್ರ ಭೇದಿಸುವುದಾಗಿ ಗೃಹ ಸಚಿವರು ಭರವಸೆ ನೀಡಿದ್ದಾರೆ. ಕೆಫೆ ಮತ್ತೆ ಕಾರ್ಯಾರಂಭ ಮಾಡಲು ಸಿದ್ಧತೆ ನಡೆಸಿದೆ. ನಗರದ ಪ್ರಮುಖ ಸ್ಥಳಗಳಲ್ಲಿ ತಪಾಸಣೆ ತೀವ್ರಗೊಳಿಸಲಾಗಿದೆ.
ಬೆಂಗಳೂರು: ವೈಟ್‌ಫೀಲ್ಡ್ ಬಳಿಯ ರಾಮೇಶ್ವರಂ ಕೆಫೆಯಲ್ಲಿ ಸಂಭವಿಸಿದ ಬಾಂಬ್ ಸ್ಫೋಟ ಪ್ರಕರಣದ ತನಿಖೆ ಚುರುಕುಗೊಂಡಿದ್ದು ಶಂಕಿತ ದುಷ್ಕರ್ಮಿಯ ರೇಖಾಚಿತ್ರ ತಯಾರಿಸಿ ಪೊಲೀಸರು ಕಾರ್ಯಾಚರಣೆ ನಡೆಸುತ್ತಿದ್ದಾರೆ. ಸಿಸಿಟಿವಿ ದೃಶ್ಯಾವಳಿಗಳ ಆಧಾರದ ಮೇಲೆ ಆರೋಪಿಯ ಚಹರೆ ಪತ್ತೆ ಹಚ್ಚಲಾಗಿದೆ. ಆರೋಪಿ ಬಸ್‌ನಲ್ಲಿ ಆಗಮಿಸಿ ಕೆಫೆಯಲ್ಲಿ ಬ್ಯಾಗ್ ಇಟ್ಟು ತೆರಳಿರುವುದು ದೃಢಪಟ್ಟಿದೆ. ಕೇಂದ್ರ ಅಪರಾಧ ವಿಭಾಗ ಹಾಗೂ ರಾಷ್ಟ್ರೀಯ ತನಿಖಾ ದಳದ ಅಧಿಕಾರಿಗಳು ಜಂಟಿಯಾಗಿ ತನಿಖೆ ನಡೆಸುತ್ತಿದ್ದಾರೆ. ನಗರದ ಎಲ್ಲ ಬಸ್ ನಿಲ್ದಾಣಗಳು ಹಾಗೂ ರೈಲು ನಿಲ್ದಾಣಗಳಲ್ಲಿ ಭದ್ರತೆ ಹೆಚ್ಚಿಸಲಾಗಿದೆ. ಸ್ಫೋಟದಲ್ಲಿ ಗಾಯಗೊಂಡವರು ಚೇತರಿಸಿಕೊಳ್ಳುತ್ತಿದ್ದಾರೆ. ಆರೋಪಿಯ ಬಗ್ಗೆ ಮಾಹಿತಿ ಇದ್ದರೆ ಪೊಲೀಸರಿಗೆ ತಿಳಿಸುವಂತೆ ಸಾರ್ವಜನಿಕರಲ್ಲಿ ಮನವಿ ಮಾಡಲಾಗಿದೆ. ಮಾಹಿತಿ ನೀಡಿದವರ ವಿವರ ಗೌಪ್ಯವಾಗಿಡಲಾಗುವುದು. ಪ್ರಕರಣವನ್ನು ಶೀಘ್ರ ಭೇದಿಸುವುದಾಗಿ ಗೃಹ ಸಚಿವರು ಭರವಸೆ ನೀಡಿದ್ದಾರೆ. ಕೆಫೆ ಮತ್ತೆ ಕಾರ್ಯಾರಂಭ ಮಾಡಲು ಸಿದ್ಧತೆ ನಡೆಸಿದೆ. ನಗರದ ಪ್ರಮುಖ ಸ್ಥಳಗಳಲ್ಲಿ ತ
ಬೆಂಗಳೂರು: ವೈಟ್‌ಫೀಲ್ಡ್ ಬಳಿಯ ರಾಮೇಶ್ವರಂ ಕೆಫೆಯಲ್ಲಿ ಸಂಭವಿಸಿದ ಬಾಂಬ್ ಸ್ಫೋಟ ಪ್ರಕರಣದ ತನಿಖೆ ಚುರುಕುಗೊಂಡಿದ್ದು ಶಂಕಿತ ದುಷ್ಕರ್ಮಿಯ ರೇಖಾಚಿತ್ರ ತಯಾರಿಸಿ ಪೊಲೀಸರು ಕಾರ್ಯಾಚರಣೆ ನಡೆಸುತ್ತಿದ್ದಾರೆ. ಸಿಸಿಟಿವಿ ದೃಶ್ಯಾವಳಿಗಳ ಆಧಾರದ ಮೇಲೆ ಆರೋಪಿಯ ಚಹರೆ ಪತ್ತೆ ಹಚ್ಚಲಾಗಿದೆ. ಆರೋಪಿ ಬಸ್‌ನಲ್ಲಿ ಆಗಮಿಸಿ ಕೆಫೆಯಲ್ಲಿ ಬ್ಯಾಗ್ ಇಟ್ಟು ತೆರಳಿರುವುದು ದೃಢಪಟ್ಟಿದೆ. ಕೇಂದ್ರ ಅಪರಾಧ ವಿಭಾಗ ಹಾಗೂ ರಾಷ್ಟ್ರೀಯ ತನಿಖಾ ದಳದ ಅಧಿಕಾರಿಗಳು ಜಂಟಿಯಾಗಿ ತನಿಖೆ ನಡೆಸುತ್ತಿದ್ದಾರೆ. ನಗರದ ಎಲ್ಲ ಬಸ್ ನಿಲ್ದಾಣಗಳು ಹಾಗೂ ರೈಲು ನಿಲ್ದಾಣಗಳಲ್ಲಿ ಭದ್ರತೆ ಹೆಚ್ಚಿಸಲಾಗಿದೆ. ಸ್ಫೋಟದಲ್ಲಿ ಗಾಯಗೊಂಡವರು ಚೇತರಿಸಿಕೊಳ್ಳುತ್ತಿದ್ದಾರೆ. ಆರೋಪಿಯ ಬಗ್ಗೆ ಮಾಹಿತಿ ಇದ್ದರೆ ಪೊಲೀಸರಿಗೆ ತಿಳಿಸುವಂತೆ ಸಾರ್ವಜನಿಕರಲ್ಲಿ ಮನವಿ ಮಾಡಲಾಗಿದೆ. ಮಾಹಿತಿ ನೀಡಿದವರ ವಿವರ ಗೌಪ್ಯವಾಗಿಡಲಾಗುವುದು. ಪ್ರಕರಣವನ್ನು ಶೀಘ್ರ ಭೇದಿಸುವುದಾಗಿ ಗೃಹ ಸಚಿವರು ಭರವಸೆ ನೀಡಿದ್ದಾರೆ. ಕೆಫೆ ಮತ್ತೆ ಕಾರ್ಯಾರಂಭ ಮಾಡಲು ಸಿದ್ಧತೆ ನಡೆಸಿದೆ. ನಗರದ ಪ್ರಮುಖ ಸ್ಥಳಗಳಲ್ಲಿ ತಪಾಸಣೆ ತೀವ್ರಗೊಳಿಸಲಾಗಿದೆ.
ಬೆಂಗಳೂರು: ವೈಟ್‌ಫೀಲ್ಡ್ ಬಳಿಯ ರಾಮೇಶ್ವರಂ ಕೆಫೆಯಲ್ಲಿ ಸಂಭವಿಸಿದ ಬಾಂಬ್ ಸ್ಫೋಟ ಪ್ರಕರಣದ ತನಿಖೆ ಚುರುಕುಗೊಂಡಿದ್ದು ಶಂಕಿತ ದುಷ್ಕರ್ಮಿಯ ರೇಖಾಚಿತ್ರ ತಯಾರಿಸಿ ಪೊಲೀಸರು ಕಾರ್ಯಾಚರಣೆ ನಡೆಸುತ್ತಿದ್ದಾರೆ. ಸಿಸಿಟಿವಿ ದೃಶ್ಯಾವಳಿಗಳ ಆಧಾರದ ಮೇಲೆ ಆರೋಪಿಯ ಚಹರೆ ಪತ್ತೆ ಹಚ್ಚಲಾಗಿದೆ. ಆರೋಪಿ ಬಸ್‌ನಲ್ಲಿ ಆಗಮಿಸಿ ಕೆಫೆಯಲ್ಲಿ ಬ್ಯಾಗ್ ಇಟ್ಟು ತೆರಳಿರುವುದು ದೃಢಪಟ್ಟಿದೆ. ಕೇಂದ್ರ ಅಪರಾಧ ವಿಭಾಗ ಹಾಗೂ ರಾಷ್ಟ್ರೀಯ ತನಿಖಾ ದಳದ ಅಧಿಕಾರಿಗಳು ಜಂಟಿಯಾಗಿ ತನಿಖೆ ನಡೆಸುತ್ತಿದ್ದಾರೆ. ನಗರದ ಎಲ್ಲ ಬಸ್ ನಿಲ್ದಾಣಗಳು ಹಾಗೂ ರೈಲು ನಿಲ್ದಾಣಗಳಲ್ಲಿ ಭದ್ರತೆ ಹೆಚ್ಚಿಸಲಾಗಿದೆ. ಸ್ಫೋಟದಲ್ಲಿ ಗಾಯಗೊಂಡವರು ಚೇತರಿಸಿಕೊಳ್ಳುತ್ತಿದ್ದಾರೆ. ಆರೋಪಿಯ ಬಗ್ಗೆ ಮಾಹಿತಿ ಇದ್ದರೆ ಪೊಲೀಸರಿಗೆ ತಿಳಿಸುವಂತೆ ಸಾರ್ವಜನಿಕರಲ್ಲಿ ಮನವಿ ಮಾಡಲಾಗಿದೆ. ಮಾಹಿತಿ ನೀಡಿದವರ ವಿವರ ಗೌಪ್ಯವಾಗಿಡಲಾಗುವುದು. ಪ್ರಕರಣವನ್ನು ಶೀಘ್ರ ಭೇದಿಸುವುದಾಗಿ ಗೃಹ ಸಚಿವರು ಭರವಸೆ ನೀಡಿದ್ದಾರೆ. ಕೆಫೆ ಮತ್ತೆ ಕಾರ್ಯಾರಂಭ ಮಾಡಲು ಸಿದ್ಧತೆ ನಡೆಸಿದೆ. ನಗರದ ಪ್ರಮುಖ ಸ್ಥಳಗಳಲ್ಲಿ ತಪಾಸಣೆ ತೀವ್ರಗೊಳಿಸಲಾಗಿದೆ.
ಲಂಚ ಕೇಳಿದ್ದೇನೆ ಎಂದು ಯಾವುದಾದರೂ ಹೇಳಿದರೆ ಅದೇ ದಿನ ರಾಜಕೀಯ ನಿವೃತ್ತಿ: ಸಿಎಂ
ಬೆಂಗಳೂರು: ಗುತ್ತಿಗೆದಾರರ ಬಳಿ ನಾನು ಲಂಚ ಕೇಳಿದ್ದೇನೆ ಎಂದು ಯಾರಾದರೂ ಸಾಬೀತುಪಡಿಸಿದರೆ ಅದೇ ದಿನ ರಾಜಕೀಯ ನಿವೃತ್ತಿ ಘೋಷಿಸುತ್ತೇನೆ ಎಂದು ಮುಖ್ಯಮಂತ್ರಿ ಸಿದ್ದರಾಮಯ್ಯ ಸವಾಲು ಹಾಕಿದ್ದಾರೆ. ನಗರದಲ್ಲಿ ನಡೆದ ಕಾರ್ಯಕ್ರಮದಲ್ಲಿ ಮಾತನಾಡಿದ ಅವರು ನನ್ನ ರಾಜಕೀಯ ಜೀವನದಲ್ಲಿ ಎಂದಿಗೂ ಭ್ರಷ್ಟಾಚಾರಕ್ಕೆ ಅವಕಾಶ ನೀಡಿಲ್ಲ. ವಿರೋಧ ಪಕ್ಷಗಳು ಸುಳ್ಳು ಆರೋಪ ಮಾಡುತ್ತಿವೆ. ಗುತ್ತಿಗೆದಾರರ ಬಾಕಿ ಬಿಲ್ ಪಾವತಿ ವಿಚಾರದಲ್ಲಿ ಸರ್ಕಾರ ಪಾರದರ್ಶಕವಾಗಿ ನಡೆದುಕೊಳ್ಳುತ್ತಿದೆ. ಹಿಂದಿನ ಸರ್ಕಾರದ ಅವಧಿಯಲ್ಲಿ ಶೇ.40 ಕಮಿಷನ್ ಆರೋಪ ಕೇಳಿಬಂದಿತ್ತು. ನಮ್ಮ ಸರ್ಕಾರದಲ್ಲಿ ಅಂತಹ ಯಾವುದೇ ಘಟನೆ ನಡೆದಿಲ್ಲ. ಗ್ಯಾರಂಟಿ ಯೋಜನೆಗಳ ಅನುಷ್ಠಾನದಿಂದ ರಾಜ್ಯದ ಜನರಿಗೆ ನೆರವಾಗುತ್ತಿದೆ. ಅಭಿವೃದ್ಧಿ ಕಾರ್ಯಗಳಿಗೆ ಹಣದ ಕೊರತೆ ಇಲ್ಲ. ಲೋಕಸಭಾ ಚುನಾವಣೆಯಲ್ಲಿ ಕಾಂಗ್ರೆಸ್ ಹೆಚ್ಚಿನ ಸ್ಥಾನಗಳನ್ನು ಗೆಲ್ಲಲಿದೆ ಎಂದು ವಿಶ್ವಾಸ ವ್ಯಕ್ತಪಡಿಸಿದರು. ಜನರು ನಮ್ಮ ಸರ್ಕಾರದ ಕೆಲಸವನ್ನು ಮೆಚ್ಚಿದ್ದಾರೆ. ಕೇಂದ್ರ ಸರ್ಕಾರ ರಾಜ್ಯಕ್ಕೆ ಅನ್ಯಾಯ ಮಾಡುತ್ತಿದೆ. ತೆರಿಗೆ ಪಾಲಿನಲ್ಲಿ ತಾರತಮ್ಯ ಮಾಡಲಾಗುತ್ತಿದೆ. ಈ ಬಗ್ಗೆ ನಾವು ಹೋರಾಟ ಮುಂದುವರಿಸುತ್ತೇವೆ ಎಂದು ಹೇಳಿದರು. ಸಚಿವರು, ಶಾಸಕರು ಕಾರ್ಯಕ್ರಮದಲ್ಲಿ ಉಪಸ್ಥಿತರಿದ್ದರು. ಕಾರ್ಯಕ್ರಮದ ನಂತರ ಸುದ್ದಿಗಾರರೊಂದಿಗೆ ಮಾತನಾಡಿದ ಅವರು ವಿರೋಧ ಪಕ್ಷಗಳ ಟೀಕೆಗೆ ತಿರುಗೇಟು ನೀಡಿದರು. ಸರ್ಕಾರ ಸದೃಢವಾಗಿದ್ದು ಐದು ವರ್ಷ ಪೂರೈಸಲಿದೆ ಎಂದರು.
ಬೆಂಗಳೂರು: ಗುತ್ತಿಗೆದಾರರ ಬಳಿ ನಾನು ಲಂಚ ಕೇಳಿದ್ದೇನೆ ಎಂದು ಯಾರಾದರೂ ಸಾಬೀತುಪಡಿಸಿದರೆ ಅದೇ ದಿನ ರಾಜಕೀಯ ನಿವೃತ್ತಿ ಘೋಷಿಸುತ್ತೇನೆ ಎಂದು ಮುಖ್ಯಮಂತ್ರಿ ಸಿದ್ದರಾಮಯ್ಯ ಸವಾಲು ಹಾಕಿದ್ದಾರೆ. ನಗರದಲ್ಲಿ ನಡೆದ ಕಾರ್ಯಕ್ರಮದಲ್ಲಿ ಮಾತನಾಡಿದ ಅವರು ನನ್ನ ರಾಜಕೀಯ ಜೀವನದಲ್ಲಿ ಎಂದಿಗೂ ಭ್ರಷ್ಟಾಚಾರಕ್ಕೆ ಅವಕಾಶ ನೀಡಿಲ್ಲ. ವಿರೋಧ ಪಕ್ಷಗಳು ಸುಳ್ಳು ಆರೋಪ ಮಾಡುತ್ತಿವೆ. ಗುತ್ತಿಗೆದಾರರ ಬಾಕಿ ಬಿಲ್ ಪಾವತಿ ವಿಚಾರದಲ್ಲಿ ಸರ್ಕಾರ ಪಾರದರ್ಶಕವಾಗಿ ನಡೆದುಕೊಳ್ಳುತ್ತಿದೆ. ಹಿಂದಿನ ಸರ್ಕಾರದ ಅವಧಿಯಲ್ಲಿ ಶೇ.40 ಕಮಿಷನ್ ಆರೋಪ ಕೇಳಿಬಂದಿತ್ತು. ನಮ್ಮ ಸರ್ಕಾರದಲ್ಲಿ ಅಂತಹ ಯಾವುದೇ ಘಟನೆ ನಡೆದಿಲ್ಲ. ಗ್ಯಾರಂಟಿ ಯೋಜನೆಗಳ ಅನುಷ್ಠಾನದಿಂದ ರಾಜ್ಯದ ಜನರಿಗೆ ನೆರವಾಗುತ್ತಿದೆ. ಅಭಿವೃದ್ಧಿ ಕಾರ್ಯಗಳಿಗೆ ಹಣದ ಕೊರತೆ ಇಲ್ಲ. ಲೋಕಸಭಾ ಚುನಾವಣೆಯಲ್ಲಿ ಕಾಂಗ್ರೆಸ್ ಹೆಚ್ಚಿನ ಸ್ಥಾನಗಳನ್ನು ಗೆಲ್ಲಲಿದೆ ಎಂದು ವಿಶ್ವಾಸ ವ್ಯಕ್ತಪಡಿಸಿದರು. ಜನರು ನಮ್ಮ ಸರ್ಕಾರದ ಕೆಲಸವನ್ನು ಮೆಚ್ಚಿದ್ದಾರೆ. ಕೇಂದ್ರ ಸರ್ಕಾರ ರಾಜ್ಯಕ್ಕೆ ಅನ್ಯಾಯ ಮಾಡುತ್ತಿದೆ. ತೆರಿಗೆ ಪಾಲಿನಲ್ಲಿ ತಾರತಮ್ಯ ಮಾಡಲಾಗುತ್ತಿದೆ. ಈ ಬಗ್ಗೆ ನಾವು ಹೋರಾಟ ಮುಂದುವರಿಸುತ್ತೇವೆ ಎಂದು ಹೇಳಿದರು. ಸಚಿವರು, ಶಾಸಕರು ಕಾರ್ಯಕ್ರಮದಲ್ಲಿ ಉಪಸ್ಥಿತರಿದ್ದರು. ಕಾರ್ಯಕ್ರಮದ ನಂತರ ಸುದ್ದಿಗಾರರೊಂದಿಗೆ ಮಾತನಾಡಿದ ಅವರು ವಿರೋಧ ಪಕ್ಷಗಳ ಟೀಕೆಗೆ ತಿರುಗೇಟು ನೀಡಿದರು. ಸರ್ಕಾರ ಸದೃಢವಾಗಿದ್ದು ಐದು ವರ್ಷ ಪೂರೈಸಲಿದೆ ಎಂದರು.
ಬೆಂಗಳೂರು: ಗುತ್ತಿಗೆದಾರರ ಬಳಿ ನಾನು ಲಂಚ ಕೇಳಿದ್ದೇನೆ ಎಂದು ಯಾರಾದರೂ ಸಾಬೀತುಪಡಿಸಿದರೆ ಅದೇ ದಿನ ರಾಜಕೀಯ ನಿವೃತ್ತಿ ಘೋಷಿಸುತ್ತೇನೆ ಎಂದು ಮುಖ್ಯಮಂತ್ರಿ ಸಿದ್ದರಾಮಯ್ಯ ಸವಾಲು ಹಾಕಿದ್ದಾರೆ. ನಗರದಲ್ಲಿ ನಡೆದ ಕಾರ್ಯಕ್ರಮದಲ್ಲಿ ಮಾತನಾಡಿದ ಅವರು ನನ್ನ ರಾಜಕೀಯ ಜೀವನದಲ್ಲಿ ಎಂದಿಗೂ ಭ್ರಷ್ಟಾಚಾರಕ್ಕೆ ಅವಕಾಶ ನೀಡಿಲ್ಲ. ವಿರೋಧ ಪಕ್ಷಗಳು ಸುಳ್ಳು ಆರೋಪ ಮಾಡುತ್ತಿವೆ. ಗುತ್ತಿಗೆದಾರರ ಬಾಕಿ ಬಿಲ್ ಪಾವತಿ ವಿಚಾರದಲ್ಲಿ ಸರ್ಕಾರ ಪಾರದರ್ಶಕವಾಗಿ ನಡೆದುಕೊಳ್ಳುತ್ತಿದೆ. ಹಿಂದಿನ ಸರ್ಕಾರದ ಅವಧಿಯಲ್ಲಿ ಶೇ.40 ಕಮಿಷನ್ ಆರೋಪ ಕೇಳಿಬಂದಿತ್ತು. ನಮ್ಮ ಸರ್ಕಾರದಲ್ಲಿ ಅಂತಹ ಯಾವುದೇ ಘಟನೆ ನಡೆದಿಲ್ಲ. ಗ್ಯಾರಂಟಿ ಯೋಜನೆಗಳ ಅನುಷ್ಠಾನದಿಂದ ರಾಜ್ಯದ ಜನರಿಗೆ ನೆರವಾಗುತ್ತಿದೆ. ಅಭಿವೃದ್ಧಿ ಕಾರ್ಯಗಳಿಗೆ ಹಣದ ಕೊರತೆ ಇಲ್ಲ. ಲೋಕಸಭಾ ಚುನಾವಣೆಯಲ್ಲಿ ಕಾಂಗ್ರೆಸ್ ಹೆಚ್ಚಿನ ಸ್ಥಾನಗಳನ್ನು ಗೆಲ್ಲಲಿದೆ ಎಂದು ವಿಶ್ವಾಸ ವ್ಯಕ್ತಪಡಿಸಿದರು. ಜನರು ನಮ್ಮ ಸರ್ಕಾರದ ಕೆಲಸವನ್ನು ಮೆಚ್ಚಿದ್ದಾರೆ. ಕೇಂದ್ರ ಸರ್ಕಾರ ರಾಜ್ಯಕ್ಕೆ ಅನ್ಯಾಯ ಮಾಡುತ್ತಿದೆ. ತೆರಿಗೆ ಪಾಲಿನಲ್ಲಿ ತಾರತಮ್ಯ ಮಾಡಲಾಗುತ್ತಿದೆ. ಈ ಬಗ್ಗೆ ನಾವು ಹೋರಾಟ ಮುಂದುವರಿಸುತ್ತೇವೆ ಎಂದು ಹೇಳಿದರು. ಸಚಿವರು, ಶಾಸಕರು ಕಾರ್ಯಕ್ರಮದಲ್ಲಿ ಉಪಸ್ಥಿತರಿದ್ದರು. ಕಾರ್ಯಕ್ರಮದ ನಂತರ ಸುದ್ದಿಗಾರರೊಂದಿಗೆ ಮಾತನಾಡಿದ ಅವರು ವಿರೋಧ ಪಕ್ಷಗಳ ಟೀಕೆಗೆ ತಿರುಗೇಟು ನೀಡಿದರು. ಸರ್ಕಾರ ಸದೃಢವಾಗಿದ್ದು ಐದು ವರ್ಷ ಪೂರೈಸಲಿದೆ ಎಂದರು.
ಬೆಂಗಳೂರು: ಗುತ್ತಿಗೆದಾರರ ಬಳಿ ನಾನು ಲಂಚ ಕೇಳಿದ್ದೇನೆ ಎಂದು ಯಾರಾದರೂ ಸಾಬೀತುಪಡಿಸಿದರೆ ಅದೇ ದಿನ ರಾಜಕೀಯ ನಿವೃತ್ತಿ ಘೋಷಿಸುತ್ತೇನೆ ಎಂದು ಮುಖ್ಯಮಂತ್ರಿ ಸಿದ್ದರಾಮಯ್ಯ ಸವಾಲು ಹಾಕಿದ್ದಾರೆ. ನಗರದಲ್ಲಿ ನಡೆದ ಕಾರ್ಯಕ್ರಮದಲ್ಲಿ ಮಾತನಾಡಿದ ಅವರು ನನ್ನ ರಾಜಕೀಯ ಜೀವನದಲ್ಲಿ ಎಂದಿಗೂ ಭ್ರಷ್ಟಾಚಾರಕ್ಕೆ ಅವಕಾಶ ನೀಡಿಲ್ಲ. ವಿರೋಧ ಪಕ್ಷಗಳು ಸುಳ್ಳು ಆರೋಪ ಮಾಡುತ್ತಿವೆ. ಗುತ್ತಿಗೆದಾರರ ಬಾಕಿ ಬಿಲ್ ಪಾವತಿ ವಿಚಾರದಲ್ಲಿ ಸರ್ಕಾರ ಪಾರದರ್ಶಕವಾಗಿ ನಡೆದುಕೊಳ್ಳುತ್ತಿದೆ. ಹಿಂದಿನ ಸರ್ಕಾರದ ಅವಧಿಯಲ್ಲಿ ಶೇ.40 ಕಮಿಷನ್ ಆರೋಪ ಕೇಳಿಬಂದಿತ್ತು. ನಮ್ಮ ಸರ್ಕಾರದಲ್ಲಿ ಅಂತಹ ಯಾವುದೇ ಘಟನೆ ನಡೆದಿಲ್ಲ. ಗ್ಯಾರಂಟಿ ಯೋಜನೆಗಳ ಅನುಷ್ಠಾನದಿಂದ ರಾಜ್ಯದ ಜನರಿಗೆ ನೆರವಾಗುತ್ತಿದೆ. ಅಭಿವೃದ್ಧಿ ಕಾರ್ಯಗಳಿಗೆ ಹಣದ ಕೊರತೆ ಇಲ್ಲ. ಲೋಕಸಭಾ ಚುನಾವಣೆಯಲ್ಲಿ ಕಾಂಗ್ರೆಸ್ ಹೆಚ್ಚಿನ ಸ್ಥಾನಗಳನ್ನು ಗೆಲ್ಲಲಿದೆ ಎಂದು ವಿಶ್ವಾಸ ವ್ಯಕ್ತಪಡಿಸಿದರು. ಜನರು ನಮ್ಮ ಸರ್ಕಾರದ ಕೆಲಸವನ್ನು ಮೆಚ್ಚಿದ್ದಾರೆ. ಕೇಂದ್ರ ಸರ್ಕಾರ ರಾಜ್ಯಕ್ಕೆ ಅನ್ಯಾಯ ಮಾಡುತ್ತಿದೆ. ತೆರಿಗೆ ಪಾಲಿನಲ್ಲಿ ತಾರತಮ್ಯ ಮಾಡಲಾಗುತ್ತಿದೆ. ಈ ಬಗ್ಗೆ ನಾವು ಹೋರಾಟ ಮುಂದುವರಿಸುತ್ತೇವೆ ಎಂದು ಹೇಳಿದರು. ಸಚಿವರು, ಶಾಸಕರು ಕಾರ್ಯಕ್ರಮದಲ್ಲಿ ಉಪಸ್ಥಿತರಿದ್ದರು. ಕಾರ್ಯಕ್ರಮದ ನಂತರ ಸುದ್ದಿಗಾರರೊಂದಿಗೆ ಮಾತನಾಡಿದ ಅವರು ವಿರೋಧ ಪಕ್ಷಗಳ ಟೀಕೆಗೆ ತಿರುಗೇಟು ನೀಡಿದರು. ಸರ್ಕಾರ ಸದೃಢವಾಗಿದ್ದು ಐದು ವರ್ಷ ಪೂರೈಸಲಿದೆ ಎಂದರು.
